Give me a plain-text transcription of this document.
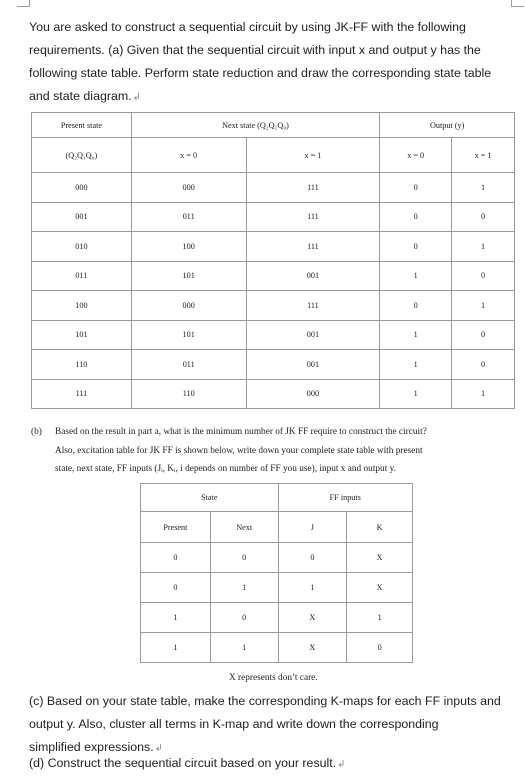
You are asked to construct a sequential circuit by using JK-FF with the following
requirements. (a) Given that the sequential circuit with input x and output y has the
following state table. Perform state reduction and draw the corresponding state table
and state diagram.↲
Present state	Next state (Q₂Q₁Q₀)		Output (y)	
(Q₂Q₁Q₀)	x = 0	x = 1	x = 0	x = 1
000	000	111	0	1
001	011	111	0	0
010	100	111	0	1
011	101	001	1	0
100	000	111	0	1
101	101	001	1	0
110	011	001	1	0
111	110	000	1	1
(b) Based on the result in part a, what is the minimum number of JK FF require to construct the circuit?
Also, excitation table for JK FF is shown below, write down your complete state table with present
state, next state, FF inputs (Jᵢ, Kᵢ, i depends on number of FF you use), input x and output y.
State		FF inputs	
Present	Next	J	K
0	0	0	X
0	1	1	X
1	0	X	1
1	1	X	0
X represents don’t care.
(c) Based on your state table, make the corresponding K-maps for each FF inputs and
output y. Also, cluster all terms in K-map and write down the corresponding
simplified expressions.↲
(d) Construct the sequential circuit based on your result.↲
